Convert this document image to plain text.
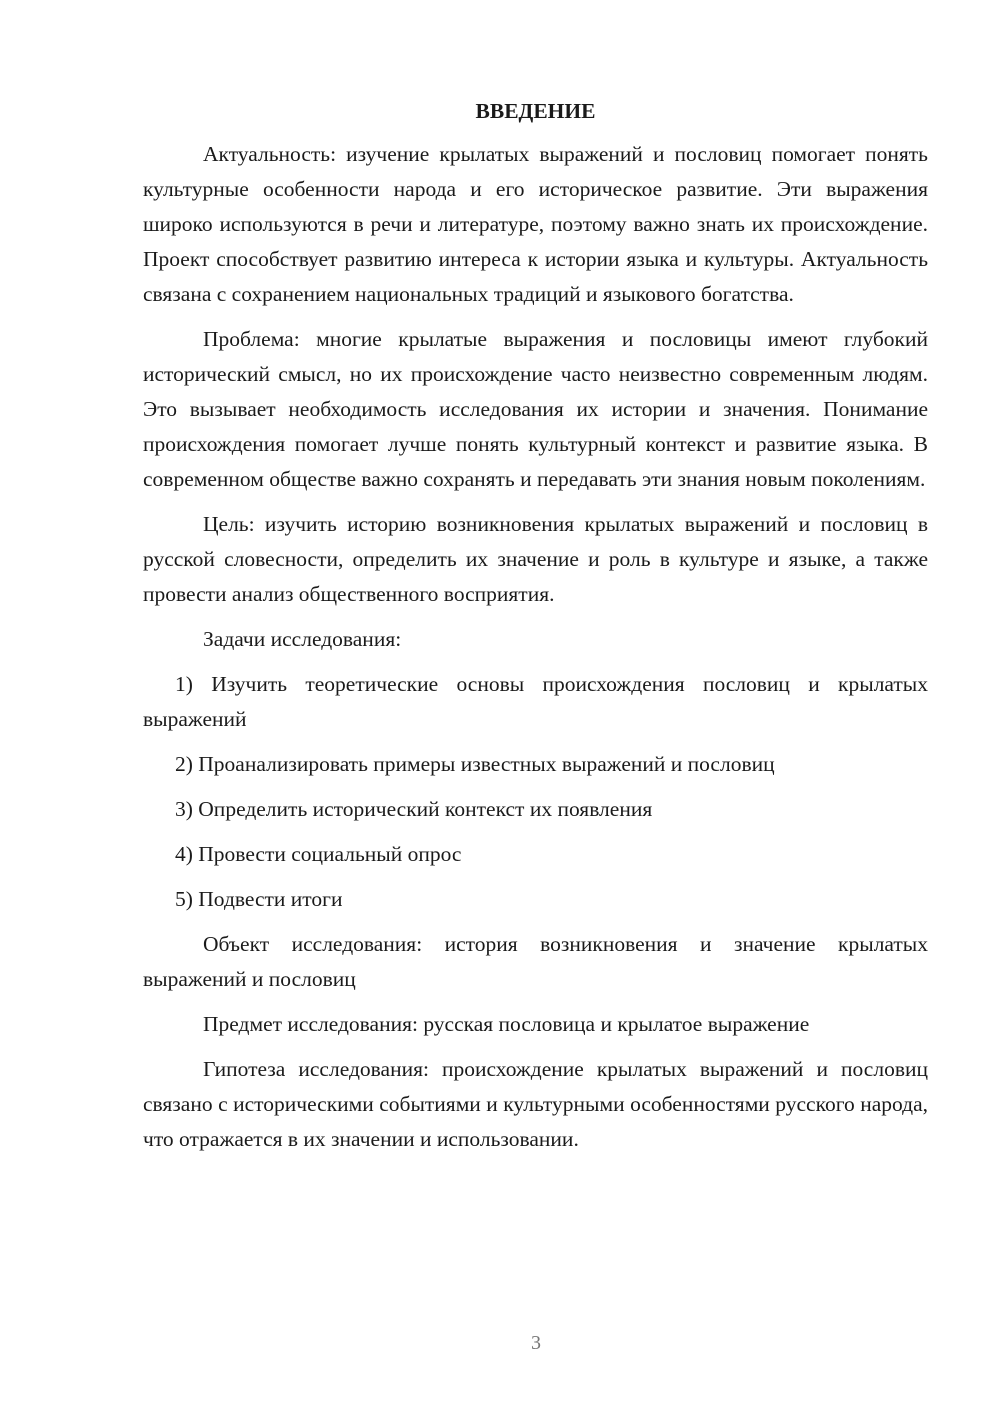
ВВЕДЕНИЕ

Актуальность: изучение крылатых выражений и пословиц помогает понять культурные особенности народа и его историческое развитие. Эти выражения широко используются в речи и литературе, поэтому важно знать их происхождение. Проект способствует развитию интереса к истории языка и культуры. Актуальность связана с сохранением национальных традиций и языкового богатства.

Проблема: многие крылатые выражения и пословицы имеют глубокий исторический смысл, но их происхождение часто неизвестно современным людям. Это вызывает необходимость исследования их истории и значения. Понимание происхождения помогает лучше понять культурный контекст и развитие языка. В современном обществе важно сохранять и передавать эти знания новым поколениям.

Цель: изучить историю возникновения крылатых выражений и пословиц в русской словесности, определить их значение и роль в культуре и языке, а также провести анализ общественного восприятия.

Задачи исследования:

1) Изучить теоретические основы происхождения пословиц и крылатых выражений

2) Проанализировать примеры известных выражений и пословиц

3) Определить исторический контекст их появления

4) Провести социальный опрос

5) Подвести итоги

Объект исследования: история возникновения и значение крылатых выражений и пословиц

Предмет исследования: русская пословица и крылатое выражение

Гипотеза исследования: происхождение крылатых выражений и пословиц связано с историческими событиями и культурными особенностями русского народа, что отражается в их значении и использовании.

3
